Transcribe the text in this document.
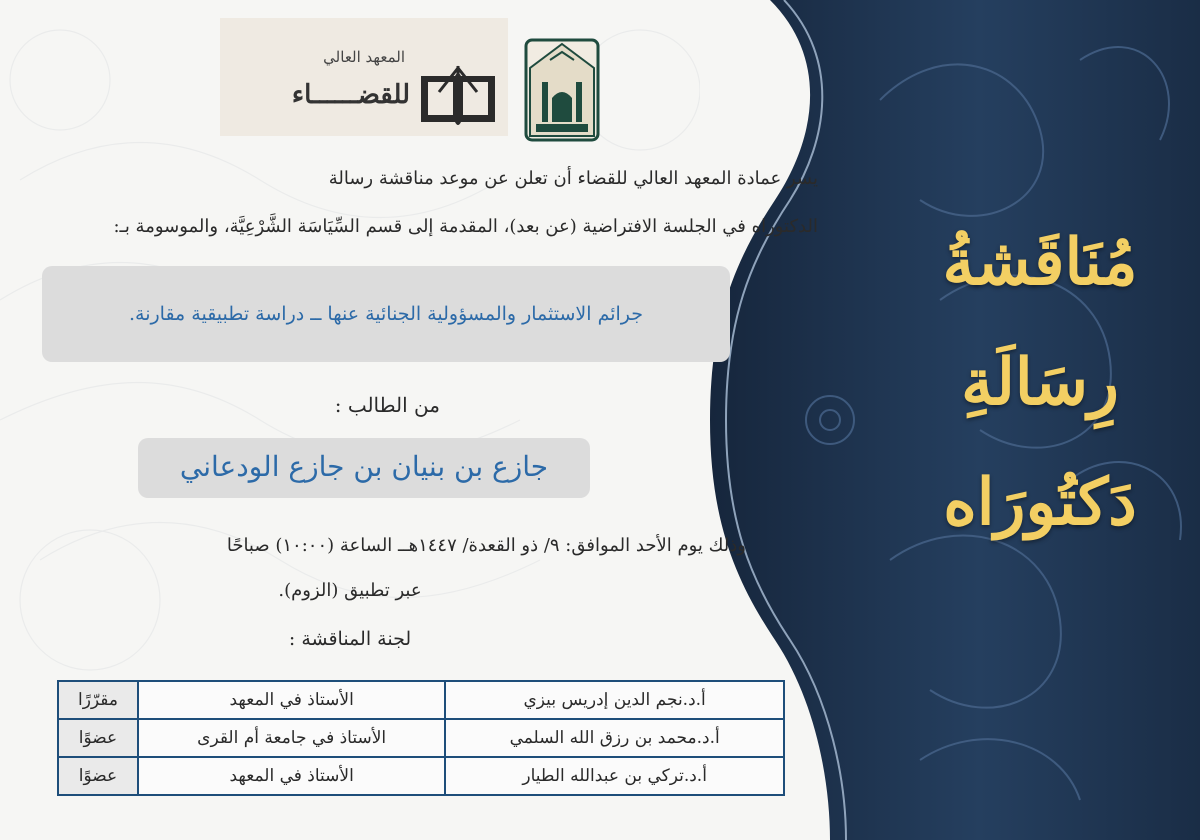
مُنَاقَشةُ
رِسَالَةِ
دَكتُورَاه
المعهد العالي
للقضــــــاء
يسر عمادة المعهد العالي للقضاء أن تعلن عن موعد مناقشة رسالة
الدكتوراه في الجلسة الافتراضية (عن بعد)، المقدمة إلى قسم السِّيَاسَة الشَّرْعِيَّة، والموسومة بـ:
جرائم الاستثمار والمسؤولية الجنائية عنها ــ دراسة تطبيقية مقارنة.
من الطالب :
جازع بن بنيان بن جازع الودعاني
وذلك يوم الأحد الموافق: ٩/ ذو القعدة/ ١٤٤٧هــ الساعة (١٠:٠٠) صباحًا
عبر تطبيق (الزوم).
لجنة المناقشة :
أ.د.نجم الدين إدريس بيزي	الأستاذ في المعهد	مقرّرًا
أ.د.محمد بن رزق الله السلمي	الأستاذ في جامعة أم القرى	عضوًا
أ.د.تركي بن عبدالله الطيار	الأستاذ في المعهد	عضوًا
